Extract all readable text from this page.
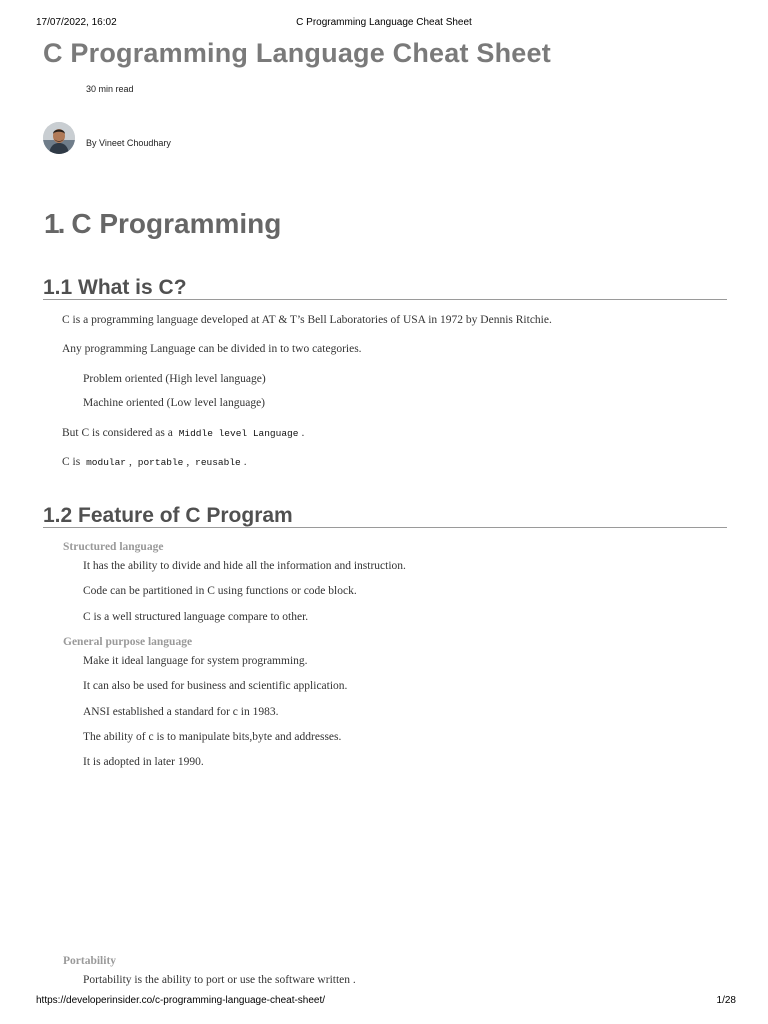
17/07/2022, 16:02	C Programming Language Cheat Sheet
C Programming Language Cheat Sheet
30 min read
By Vineet Choudhary
1. C Programming
1.1 What is C?

C is a programming language developed at AT & T’s Bell Laboratories of USA in 1972 by Dennis Ritchie.

Any programming Language can be divided in to two categories.

Problem oriented (High level language)

Machine oriented (Low level language)

But C is considered as a Middle level Language .

C is modular , portable , reusable .

1.2 Feature of C Program

Structured language

It has the ability to divide and hide all the information and instruction.

Code can be partitioned in C using functions or code block.

C is a well structured language compare to other.

General purpose language

Make it ideal language for system programming.

It can also be used for business and scientific application.

ANSI established a standard for c in 1983.

The ability of c is to manipulate bits,byte and addresses.

It is adopted in later 1990.

Portability

Portability is the ability to port or use the software written .

https://developerinsider.co/c-programming-language-cheat-sheet/	1/28
